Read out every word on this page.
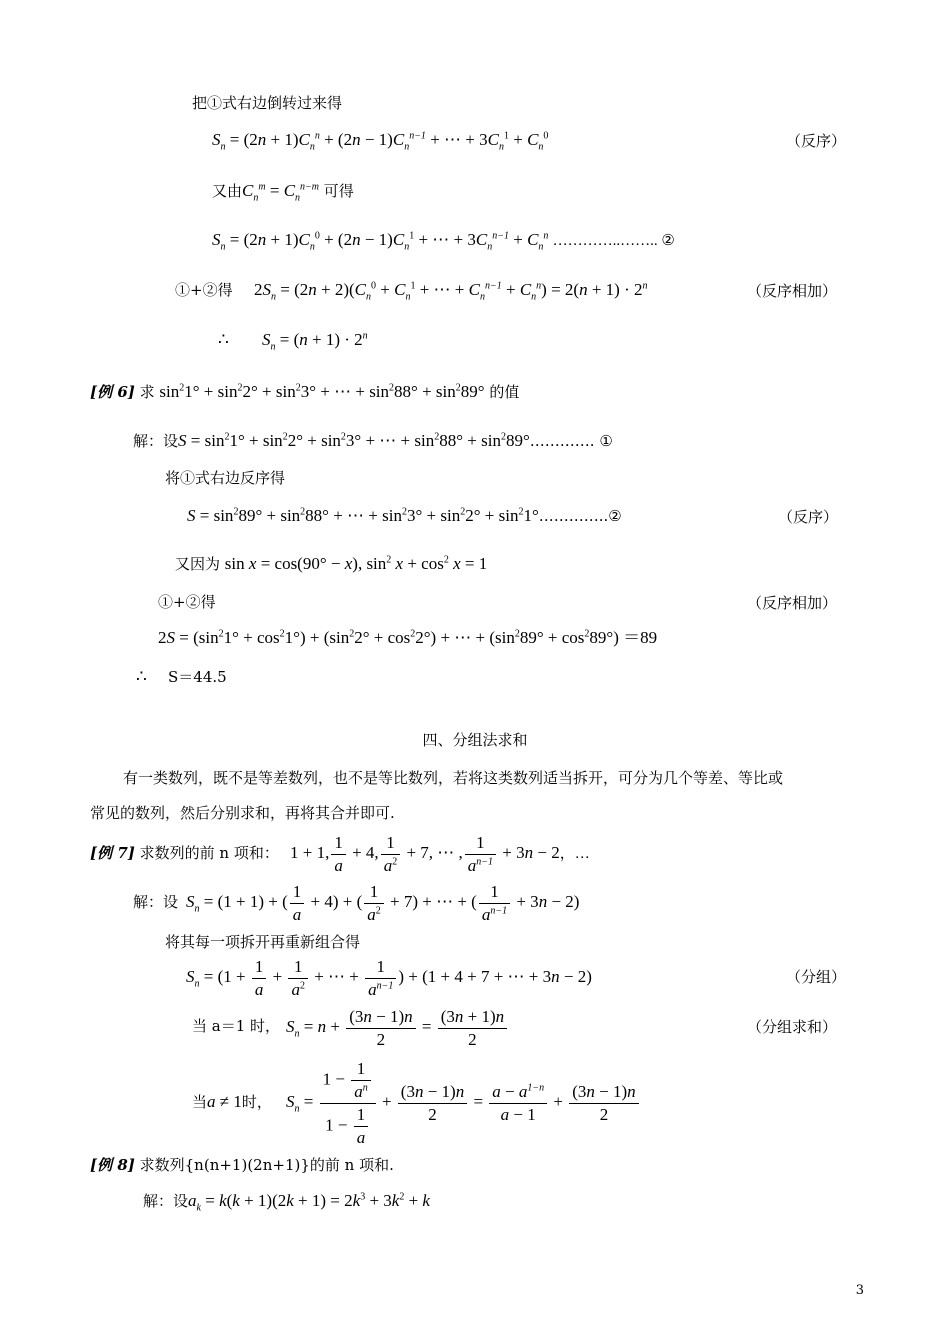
把①式右边倒转过来得
$S_n = (2n + 1)C_n^n + (2n - 1)C_n^{n-1}$ + ⋯ + $3C_n^1 + C_n^0$	（反序）
又由$C_n^m = C_n^{n-m}$ 可得
$S_n = (2n + 1)C_n^0 + (2n - 1)C_n^1$ + ⋯ + $3C_n^{n-1} + C_n^n$ …………..…….. ②
①+②得 $2S_n = (2n + 2)(C_n^0 + C_n^1$ + ⋯ + $C_n^{n-1} + C_n^n) = 2(n + 1) \cdot 2^n$	（反序相加）
∴ $S_n = (n + 1) \cdot 2^n$
[例 6] 求 $\sin^21^\circ + \sin^22^\circ + \sin^23^\circ$ + ⋯ + $\sin^288^\circ + \sin^289^\circ$ 的值
解：设$S = \sin^21^\circ + \sin^22^\circ + \sin^23^\circ$ + ⋯ + $\sin^288^\circ$ + $\sin^289^\circ\dots\dots\dots\dots$. ①
将①式右边反序得
$S = \sin^289^\circ + \sin^288^\circ$ + ⋯ + $\sin^23^\circ + \sin^22^\circ$ + $\sin^21^\circ\dots\dots\dots\dots..②$	（反序）
又因为 sin x = cos(90° − x), $\sin^2 x + \cos^2 x = 1$
①+②得	（反序相加）
$2S = (\sin^21^\circ + \cos^21^\circ) + (\sin^22^\circ + \cos^22^\circ)$ + ⋯ + $(\sin^289^\circ + \cos^289^\circ) =89$
∴ S＝44.5
四、分组法求和
有一类数列，既不是等差数列，也不是等比数列，若将这类数列适当拆开，可分为几个等差、等比或
常见的数列，然后分别求和，再将其合并即可.
[例 7] 求数列的前 n 项和： 1 + 1, $\frac{1}{a} + 4$, $\frac{1}{a^2} + 7$, ⋯ , $\frac{1}{a^{n-1}} + 3n - 2$，…
解：设 $S_n = (1 + 1)$ + ( $\frac{1}{a} + 4$) + ( $\frac{1}{a^2} + 7$) + ⋯ + ( $\frac{1}{a^{n-1}} + 3n - 2$)
将其每一项拆开再重新组合得
$S_n = (1 + \frac{1}{a} + \frac{1}{a^2}$ + ⋯ + $\frac{1}{a^{n-1}}$ ) + (1 + 4 + 7 + ⋯ + 3n − 2)	（分组）
当 a＝1 时， $S_n = n + \frac{(3n - 1)n}{2} = \frac{(3n + 1)n}{2}$	（分组求和）
当a ≠ 1时， $S_n = \frac{1 - \frac{1}{a^n}}{1 - \frac{1}{a}} + \frac{(3n - 1)n}{2} = \frac{a - a^{1-n}}{a - 1} + \frac{(3n - 1)n}{2}$
[例 8] 求数列{n(n+1)(2n+1)}的前 n 项和.
解：设$a_k = k(k + 1)(2k + 1) = 2k^3 + 3k^2 + k$
3
